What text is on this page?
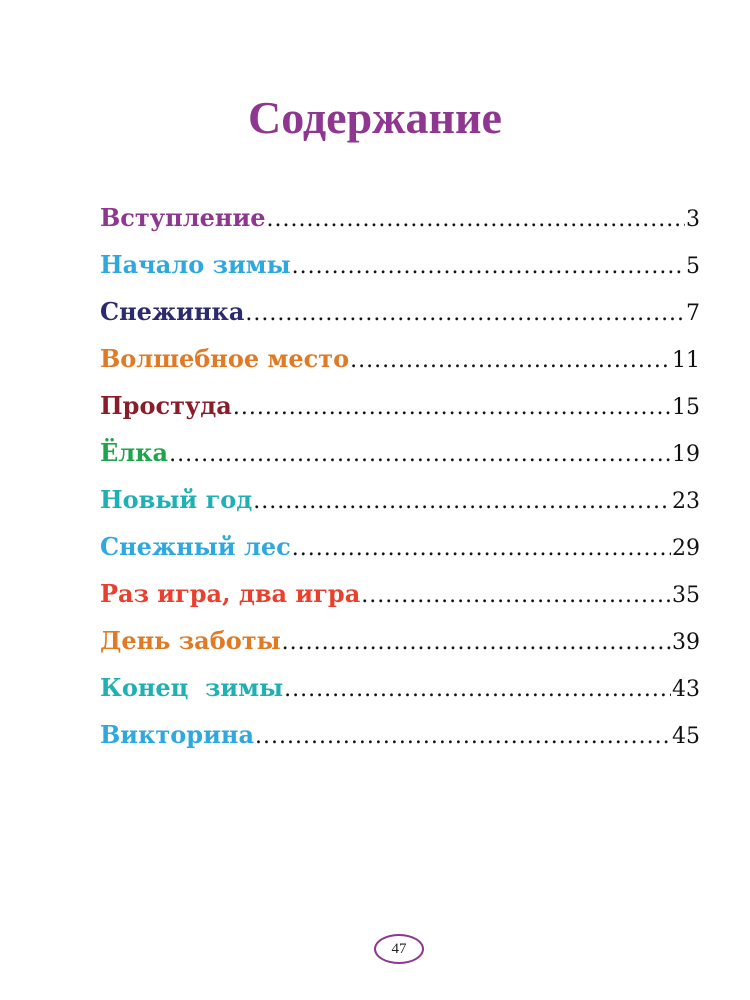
Содержание
Вступление .....	3
Начало зимы .....	5
Снежинка .....	7
Волшебное место .....	11
Простуда .....	15
Ёлка .....	19
Новый год .....	23
Снежный лес .....	29
Раз игра, два игра .....	35
День заботы .....	39
Конец  зимы .....	43
Викторина .....	45
47
